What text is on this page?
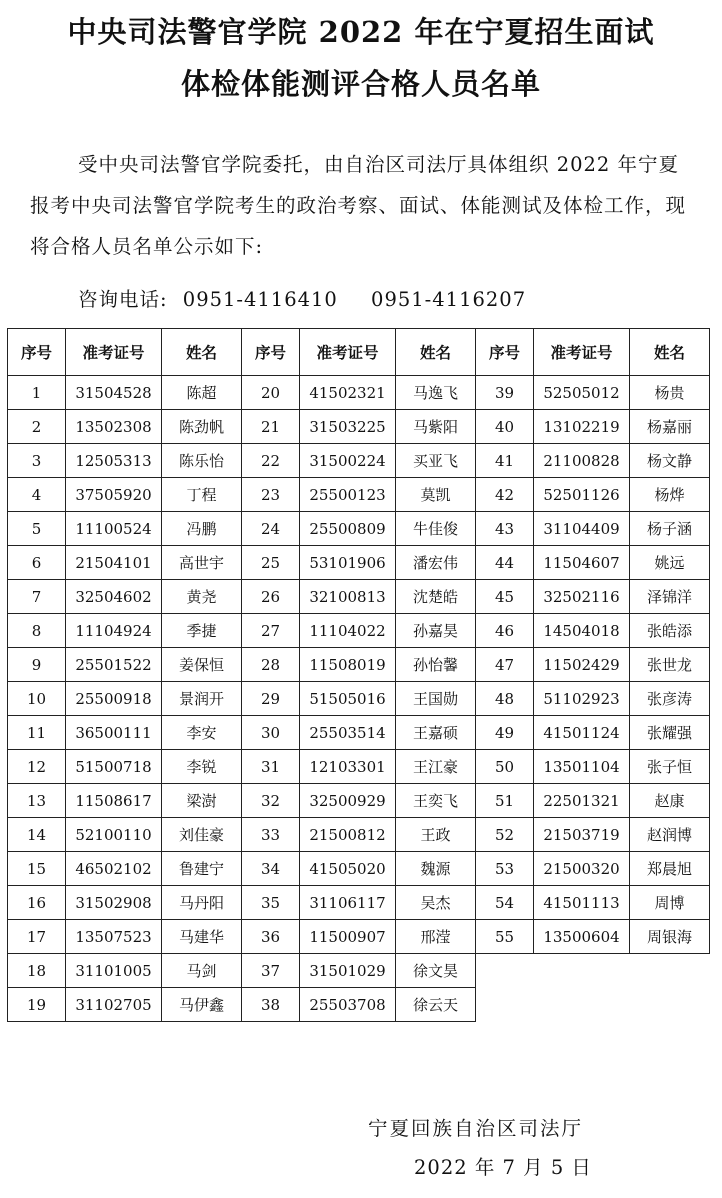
中央司法警官学院 2022 年在宁夏招生面试
体检体能测评合格人员名单
受中央司法警官学院委托，由自治区司法厅具体组织 2022 年宁夏报考中央司法警官学院考生的政治考察、面试、体能测试及体检工作，现将合格人员名单公示如下:
咨询电话: 0951-4116410 0951-4116207
序号	准考证号	姓名	序号	准考证号	姓名	序号	准考证号	姓名
1	31504528	陈超	20	41502321	马逸飞	39	52505012	杨贵
2	13502308	陈劲帆	21	31503225	马紫阳	40	13102219	杨嘉丽
3	12505313	陈乐怡	22	31500224	买亚飞	41	21100828	杨文静
4	37505920	丁程	23	25500123	莫凯	42	52501126	杨烨
5	11100524	冯鹏	24	25500809	牛佳俊	43	31104409	杨子涵
6	21504101	高世宇	25	53101906	潘宏伟	44	11504607	姚远
7	32504602	黄尧	26	32100813	沈楚皓	45	32502116	泽锦洋
8	11104924	季捷	27	11104022	孙嘉昊	46	14504018	张皓添
9	25501522	姜保恒	28	11508019	孙怡馨	47	11502429	张世龙
10	25500918	景润开	29	51505016	王国勋	48	51102923	张彦涛
11	36500111	李安	30	25503514	王嘉硕	49	41501124	张耀强
12	51500718	李锐	31	12103301	王江豪	50	13501104	张子恒
13	11508617	梁澍	32	32500929	王奕飞	51	22501321	赵康
14	52100110	刘佳豪	33	21500812	王政	52	21503719	赵润博
15	46502102	鲁建宁	34	41505020	魏源	53	21500320	郑晨旭
16	31502908	马丹阳	35	31106117	吴杰	54	41501113	周博
17	13507523	马建华	36	11500907	邢滢	55	13500604	周银海
18	31101005	马剑	37	31501029	徐文昊			
19	31102705	马伊鑫	38	25503708	徐云天			
宁夏回族自治区司法厅
2022 年 7 月 5 日
